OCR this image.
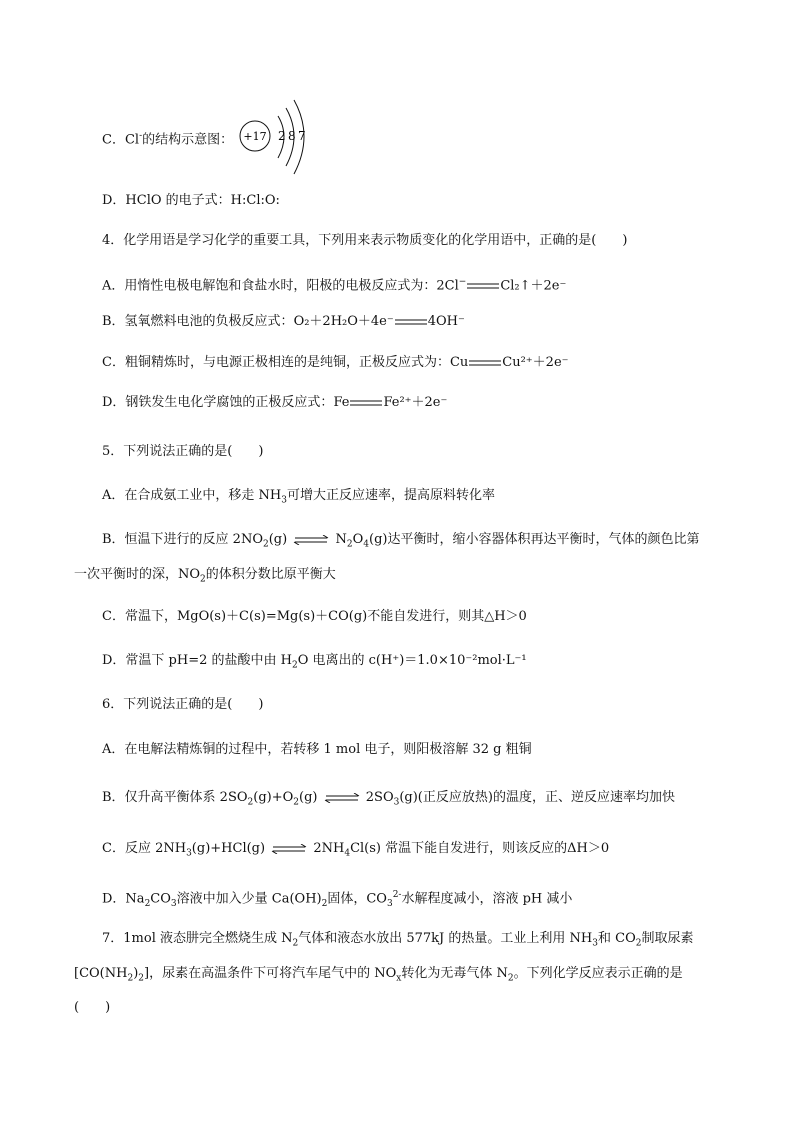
C．Cl-的结构示意图： +17 2 8 7
D．HClO 的电子式：H:Cl:O:
4．化学用语是学习化学的重要工具，下列用来表示物质变化的化学用语中，正确的是(　　)
A．用惰性电极电解饱和食盐水时，阳极的电极反应式为：2Cl−	Cl₂↑＋2e⁻
B．氢氧燃料电池的负极反应式：O₂＋2H₂O＋4e⁻	4OH⁻
C．粗铜精炼时，与电源正极相连的是纯铜，正极反应式为：Cu	Cu²⁺＋2e⁻
D．钢铁发生电化学腐蚀的正极反应式：Fe	Fe²⁺＋2e⁻
5．下列说法正确的是(　　)
A．在合成氨工业中，移走 $NH_3$可增大正反应速率，提高原料转化率
B．恒温下进行的反应 $2NO_2(g)$ ⇌ $N_2O_4(g)$达平衡时，缩小容器体积再达平衡时，气体的颜色比第
一次平衡时的深，$NO_2$的体积分数比原平衡大
C．常温下，MgO(s)＋C(s)=Mg(s)＋CO(g)不能自发进行，则其△H＞0
D．常温下 pH=2 的盐酸中由 $H_2O$ 电离出的 c(H⁺)＝1.0×10⁻²mol·L⁻¹
6．下列说法正确的是(　　)
A．在电解法精炼铜的过程中，若转移 1 mol 电子，则阳极溶解 32 g 粗铜
B．仅升高平衡体系 $2SO_2(g)+O_2(g)$ ⇌ $2SO_3(g)$(正反应放热)的温度，正、逆反应速率均加快
C．反应 $2NH_3(g)+HCl(g)$ ⇌ $2NH_4Cl(s)$ 常温下能自发进行，则该反应的ΔH＞0
D．$Na_2CO_3$溶液中加入少量 $Ca(OH)_2$固体，$CO_3^{2-}$水解程度减小，溶液 pH 减小
7．1mol 液态肼完全燃烧生成 $N_2$气体和液态水放出 577kJ 的热量。工业上利用 $NH_3$和 $CO_2$制取尿素
$[CO(NH_2)_2]$，尿素在高温条件下可将汽车尾气中的 $NO_x$转化为无毒气体 $N_2$。下列化学反应表示正确的是
(　　)
